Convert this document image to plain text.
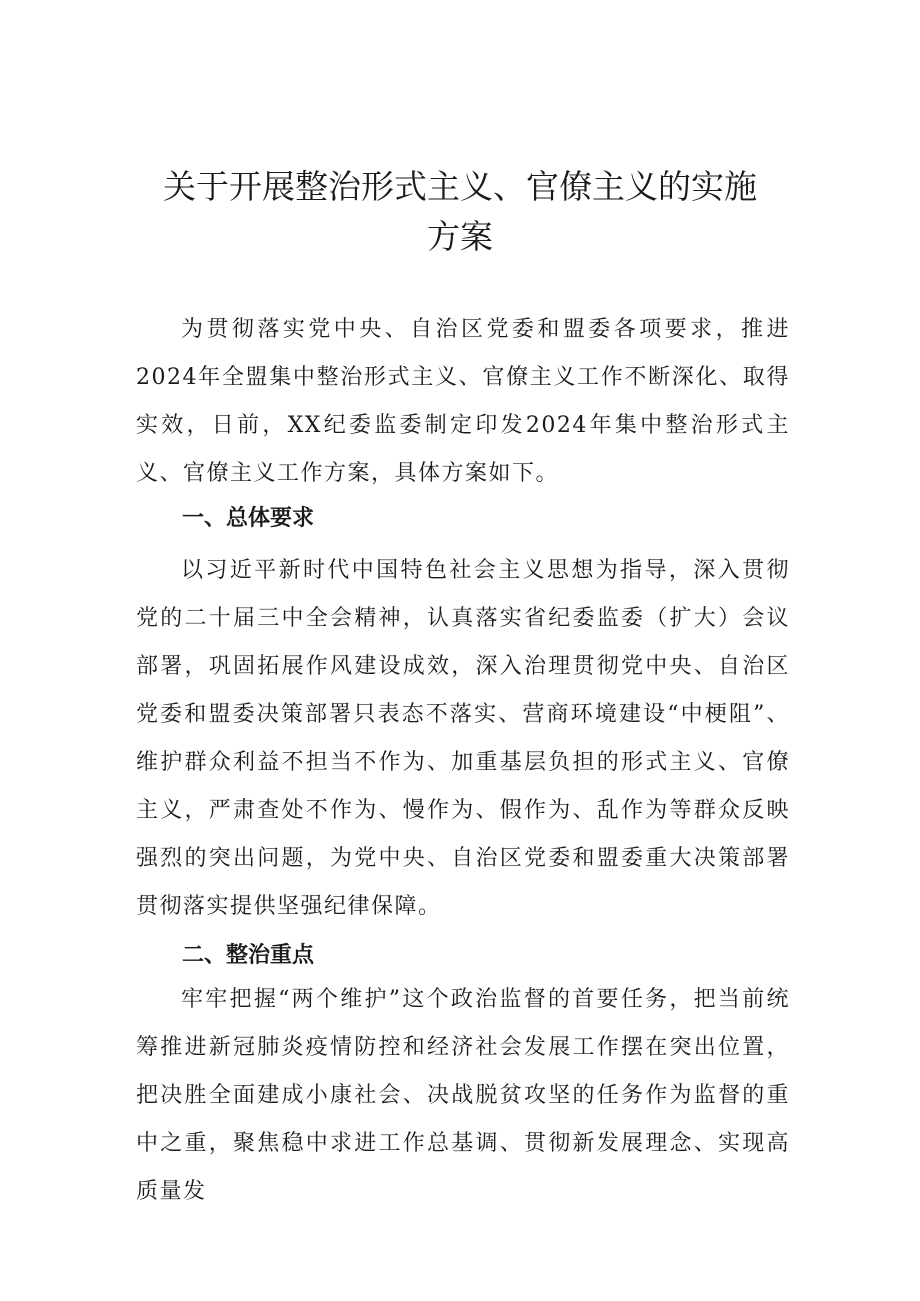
关于开展整治形式主义、官僚主义的实施
方案

为贯彻落实党中央、自治区党委和盟委各项要求，推进2024年全盟集中整治形式主义、官僚主义工作不断深化、取得实效，日前，XX纪委监委制定印发2024年集中整治形式主义、官僚主义工作方案，具体方案如下。

一、总体要求

以习近平新时代中国特色社会主义思想为指导，深入贯彻党的二十届三中全会精神，认真落实省纪委监委（扩大）会议部署，巩固拓展作风建设成效，深入治理贯彻党中央、自治区党委和盟委决策部署只表态不落实、营商环境建设“中梗阻”、维护群众利益不担当不作为、加重基层负担的形式主义、官僚主义，严肃查处不作为、慢作为、假作为、乱作为等群众反映强烈的突出问题，为党中央、自治区党委和盟委重大决策部署贯彻落实提供坚强纪律保障。

二、整治重点

牢牢把握“两个维护”这个政治监督的首要任务，把当前统筹推进新冠肺炎疫情防控和经济社会发展工作摆在突出位置，把决胜全面建成小康社会、决战脱贫攻坚的任务作为监督的重中之重，聚焦稳中求进工作总基调、贯彻新发展理念、实现高质量发
